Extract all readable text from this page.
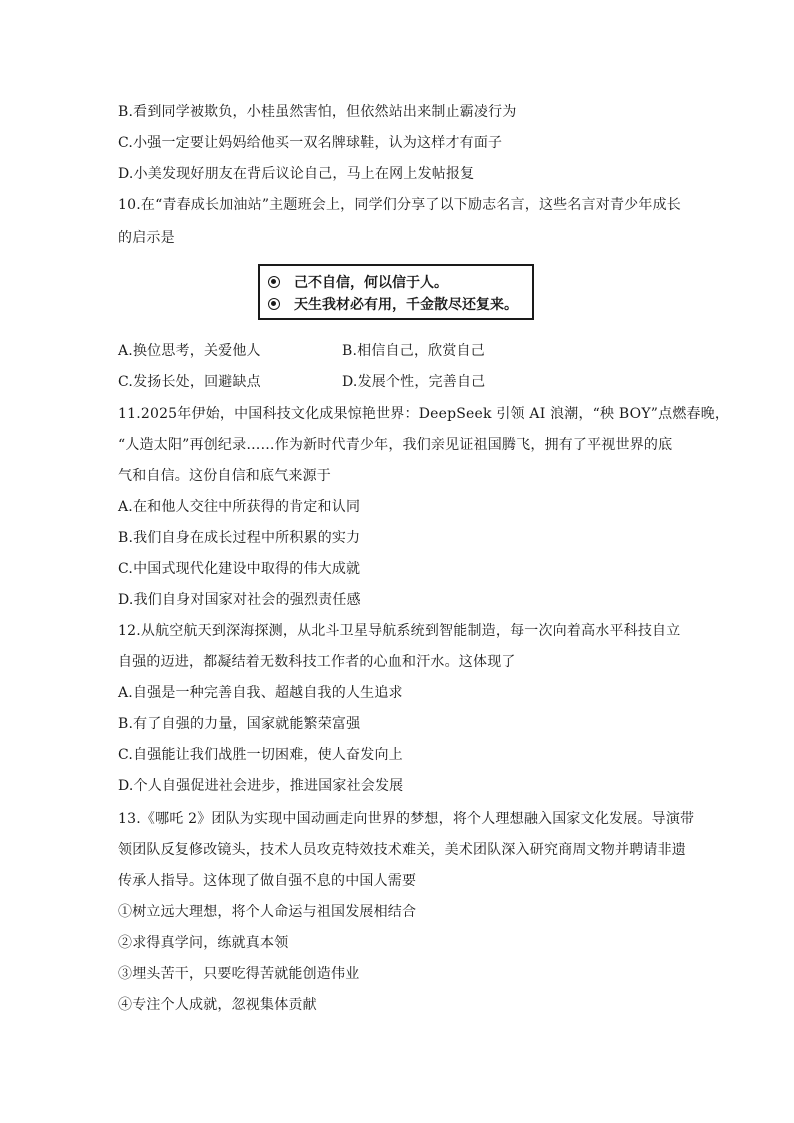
B.看到同学被欺负，小桂虽然害怕，但依然站出来制止霸凌行为
C.小强一定要让妈妈给他买一双名牌球鞋，认为这样才有面子
D.小美发现好朋友在背后议论自己，马上在网上发帖报复
10.在“青春成长加油站”主题班会上，同学们分享了以下励志名言，这些名言对青少年成长
的启示是
己不自信，何以信于人。
天生我材必有用，千金散尽还复来。
A.换位思考，关爱他人	B.相信自己，欣赏自己
C.发扬长处，回避缺点	D.发展个性，完善自己
11.2025年伊始，中国科技文化成果惊艳世界：DeepSeek 引领 AI 浪潮，“秧 BOY”点燃春晚，
“人造太阳”再创纪录……作为新时代青少年，我们亲见证祖国腾飞，拥有了平视世界的底
气和自信。这份自信和底气来源于
A.在和他人交往中所获得的肯定和认同
B.我们自身在成长过程中所积累的实力
C.中国式现代化建设中取得的伟大成就
D.我们自身对国家对社会的强烈责任感
12.从航空航天到深海探测，从北斗卫星导航系统到智能制造，每一次向着高水平科技自立
自强的迈进，都凝结着无数科技工作者的心血和汗水。这体现了
A.自强是一种完善自我、超越自我的人生追求
B.有了自强的力量，国家就能繁荣富强
C.自强能让我们战胜一切困难，使人奋发向上
D.个人自强促进社会进步，推进国家社会发展
13.《哪吒 2》团队为实现中国动画走向世界的梦想，将个人理想融入国家文化发展。导演带
领团队反复修改镜头，技术人员攻克特效技术难关，美术团队深入研究商周文物并聘请非遗
传承人指导。这体现了做自强不息的中国人需要
①树立远大理想，将个人命运与祖国发展相结合
②求得真学问，练就真本领
③埋头苦干，只要吃得苦就能创造伟业
④专注个人成就，忽视集体贡献
